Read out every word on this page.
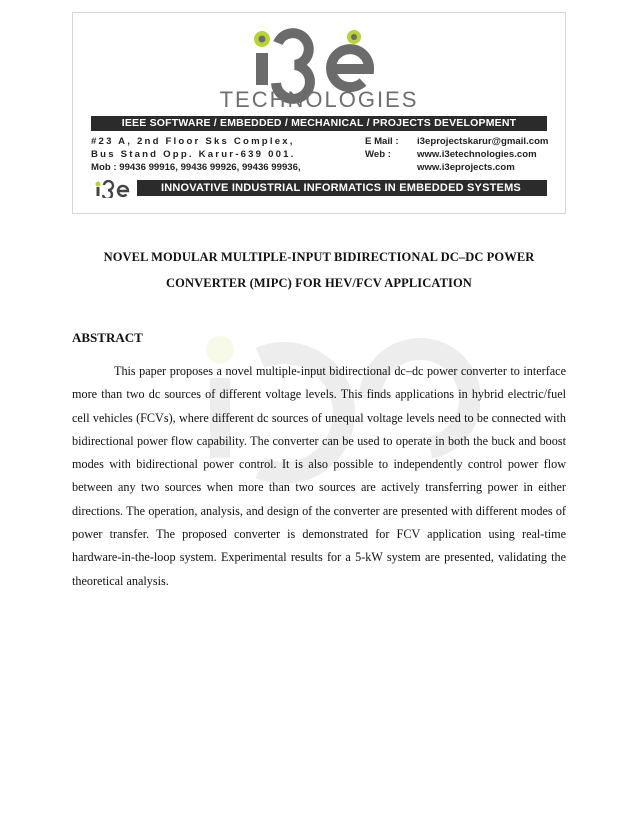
i3e
TECHNOLOGIES
IEEE SOFTWARE / EMBEDDED / MECHANICAL / PROJECTS DEVELOPMENT
#23 A, 2nd Floor Sks Complex,
Bus Stand Opp. Karur-639 001.
Mob : 99436 99916, 99436 99926, 99436 99936,
E Mail :	i3eprojectskarur@gmail.com
Web :	www.i3etechnologies.com
www.i3eprojects.com
INNOVATIVE INDUSTRIAL INFORMATICS IN EMBEDDED SYSTEMS
NOVEL MODULAR MULTIPLE-INPUT BIDIRECTIONAL DC–DC POWER
CONVERTER (MIPC) FOR HEV/FCV APPLICATION
ABSTRACT

This paper proposes a novel multiple-input bidirectional dc–dc power converter to interface more than two dc sources of different voltage levels. This finds applications in hybrid electric/fuel cell vehicles (FCVs), where different dc sources of unequal voltage levels need to be connected with bidirectional power flow capability. The converter can be used to operate in both the buck and boost modes with bidirectional power control. It is also possible to independently control power flow between any two sources when more than two sources are actively transferring power in either directions. The operation, analysis, and design of the converter are presented with different modes of power transfer. The proposed converter is demonstrated for FCV application using real-time hardware-in-the-loop system. Experimental results for a 5-kW system are presented, validating the theoretical analysis.
